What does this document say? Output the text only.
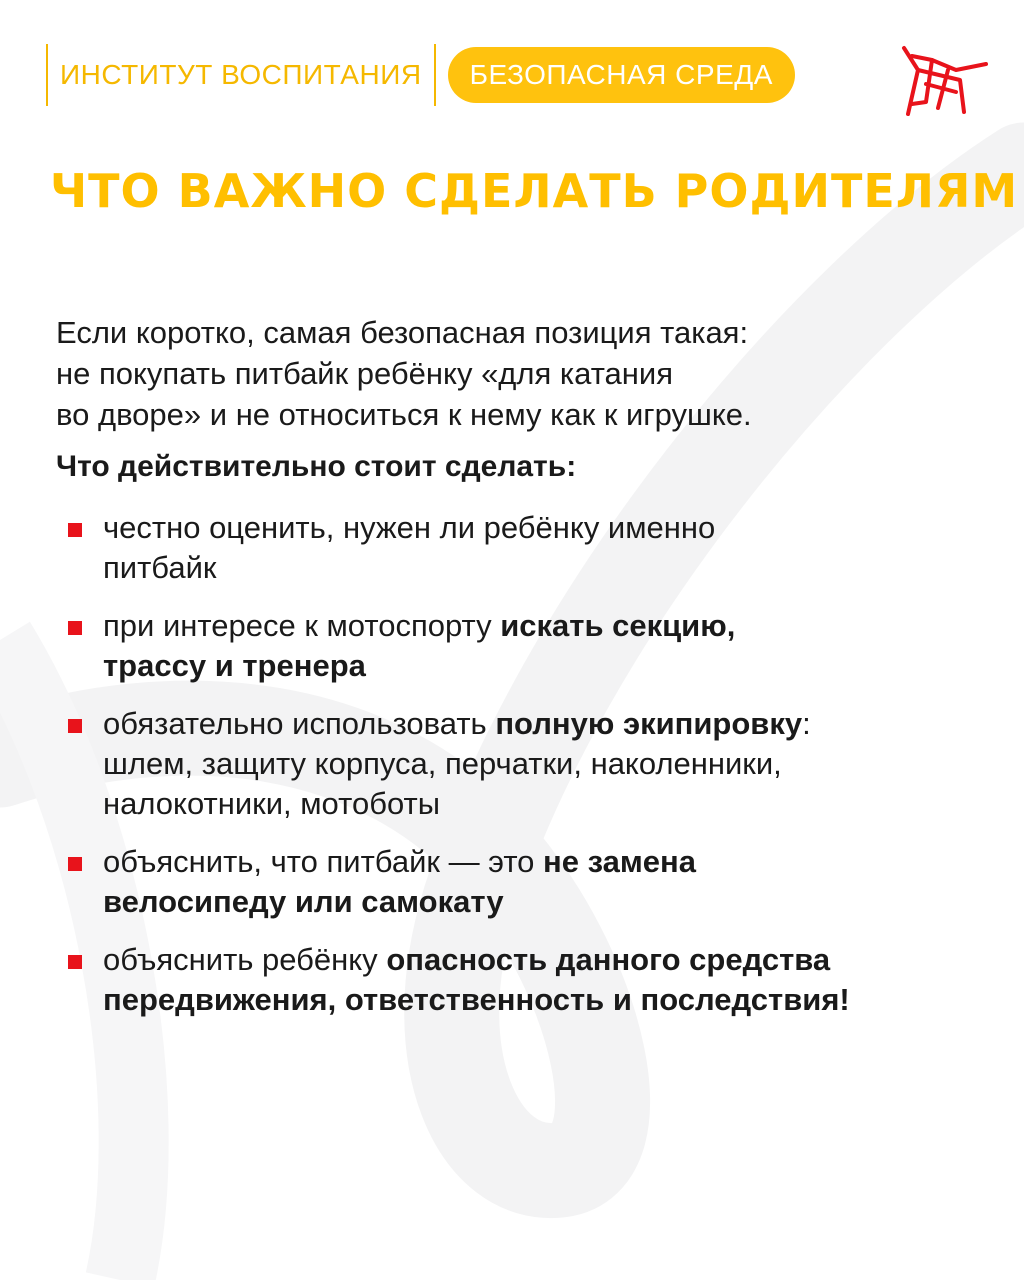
ИНСТИТУТ ВОСПИТАНИЯ	БЕЗОПАСНАЯ СРЕДА
ЧТО ВАЖНО СДЕЛАТЬ РОДИТЕЛЯМ
Если коротко, самая безопасная позиция такая:
не покупать питбайк ребёнку «для катания
во дворе» и не относиться к нему как к игрушке.
Что действительно стоит сделать:
честно оценить, нужен ли ребёнку именно
питбайк
при интересе к мотоспорту искать секцию,
трассу и тренера
обязательно использовать полную экипировку:
шлем, защиту корпуса, перчатки, наколенники,
налокотники, мотоботы
объяснить, что питбайк — это не замена
велосипеду или самокату
объяснить ребёнку опасность данного средства
передвижения, ответственность и последствия!
